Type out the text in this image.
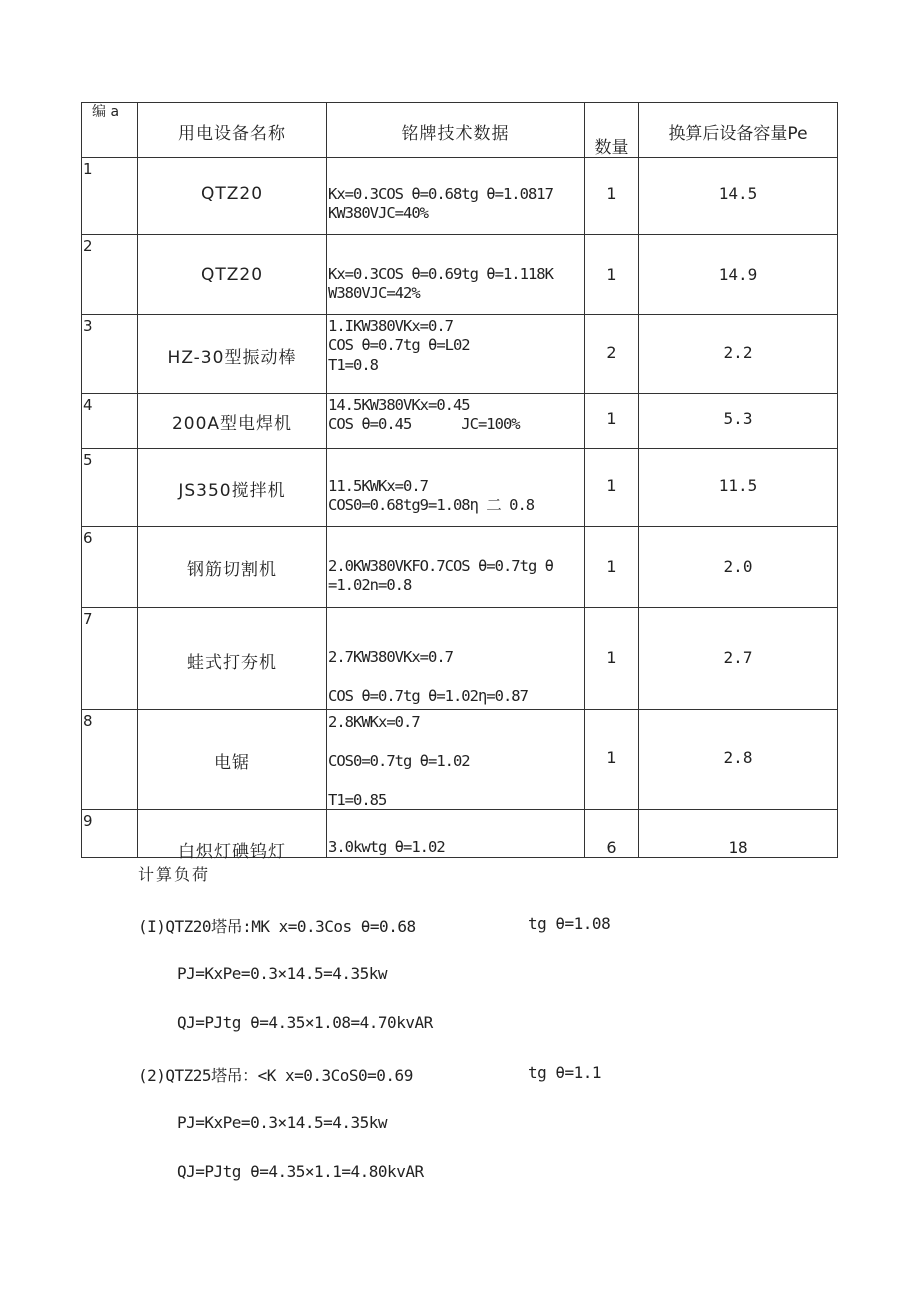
编 a	用电设备名称	铭牌技术数据	数量	换算后设备容量Pe

1	QTZ20	Kx=0.3COS θ=0.68tg θ=1.0817
KW380VJC=40%	1	14.5

2	QTZ20	Kx=0.3COS θ=0.69tg θ=1.118K
W380VJC=42%	1	14.9

3	HZ-30型振动棒	1.IKW380VKx=0.7
COS θ=0.7tg θ=L02
T1=0.8	2	2.2

4	200A型电焊机	14.5KW380VKx=0.45
COS θ=0.45      JC=100%	1	5.3

5	JS350搅拌机	11.5KWKx=0.7
COS0=0.68tg9=1.08η 二 0.8	1	11.5

6	钢筋切割机	2.0KW380VKFO.7COS θ=0.7tg θ
=1.02n=0.8	1	2.0

7	蛙式打夯机	2.7KW380VKx=0.7

COS θ=0.7tg θ=1.02η=0.87	1	2.7

8	电锯	2.8KWKx=0.7

COS0=0.7tg θ=1.02

T1=0.85	1	2.8

9	白炽灯碘钨灯	3.0kwtg θ=1.02	6	18
计算负荷
(I)QTZ20塔吊:MK x=0.3Cos θ=0.68	tg θ=1.08
PJ=KxPe=0.3×14.5=4.35kw
QJ=PJtg θ=4.35×1.08=4.70kvAR
(2)QTZ25塔吊：<K x=0.3CoS0=0.69	tg θ=1.1
PJ=KxPe=0.3×14.5=4.35kw
QJ=PJtg θ=4.35×1.1=4.80kvAR
